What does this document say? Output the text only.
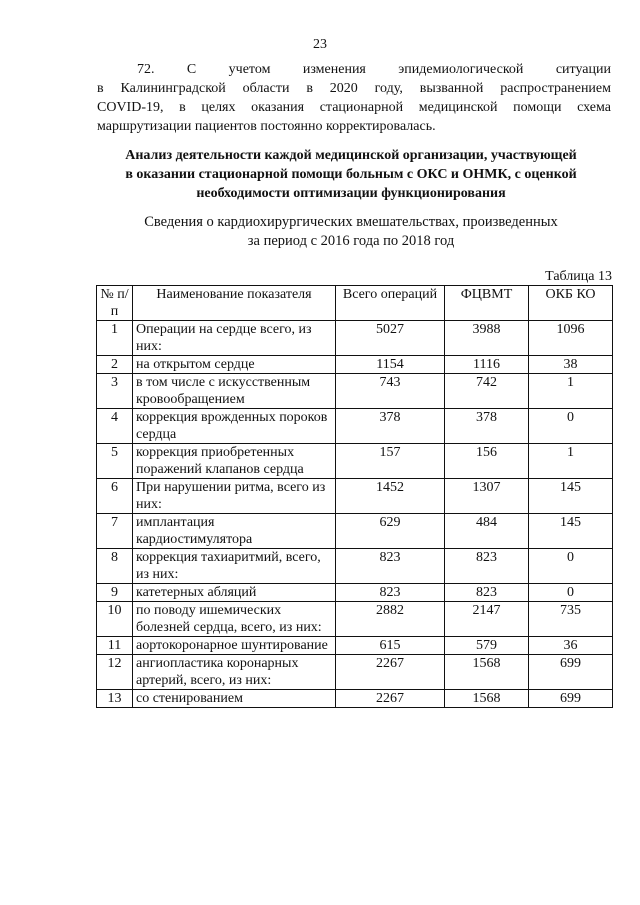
23
72. С учетом изменения эпидемиологической ситуации
в Калининградской области в 2020 году, вызванной распространением
COVID-19, в целях оказания стационарной медицинской помощи схема
маршрутизации пациентов постоянно корректировалась.
Анализ деятельности каждой медицинской организации, участвующей
в оказании стационарной помощи больным с ОКС и ОНМК, с оценкой
необходимости оптимизации функционирования
Сведения о кардиохирургических вмешательствах, произведенных
за период с 2016 года по 2018 год
Таблица 13
№ п/п	Наименование показателя	Всего операций	ФЦВМТ	ОКБ КО
1	Операции на сердце всего, из них:	5027	3988	1096
2	на открытом сердце	1154	1116	38
3	в том числе с искусственным кровообращением	743	742	1
4	коррекция врожденных пороков сердца	378	378	0
5	коррекция приобретенных поражений клапанов сердца	157	156	1
6	При нарушении ритма, всего из них:	1452	1307	145
7	имплантация кардиостимулятора	629	484	145
8	коррекция тахиаритмий, всего, из них:	823	823	0
9	катетерных абляций	823	823	0
10	по поводу ишемических болезней сердца, всего, из них:	2882	2147	735
11	аортокоронарное шунтирование	615	579	36
12	ангиопластика коронарных артерий, всего, из них:	2267	1568	699
13	со стенированием	2267	1568	699
